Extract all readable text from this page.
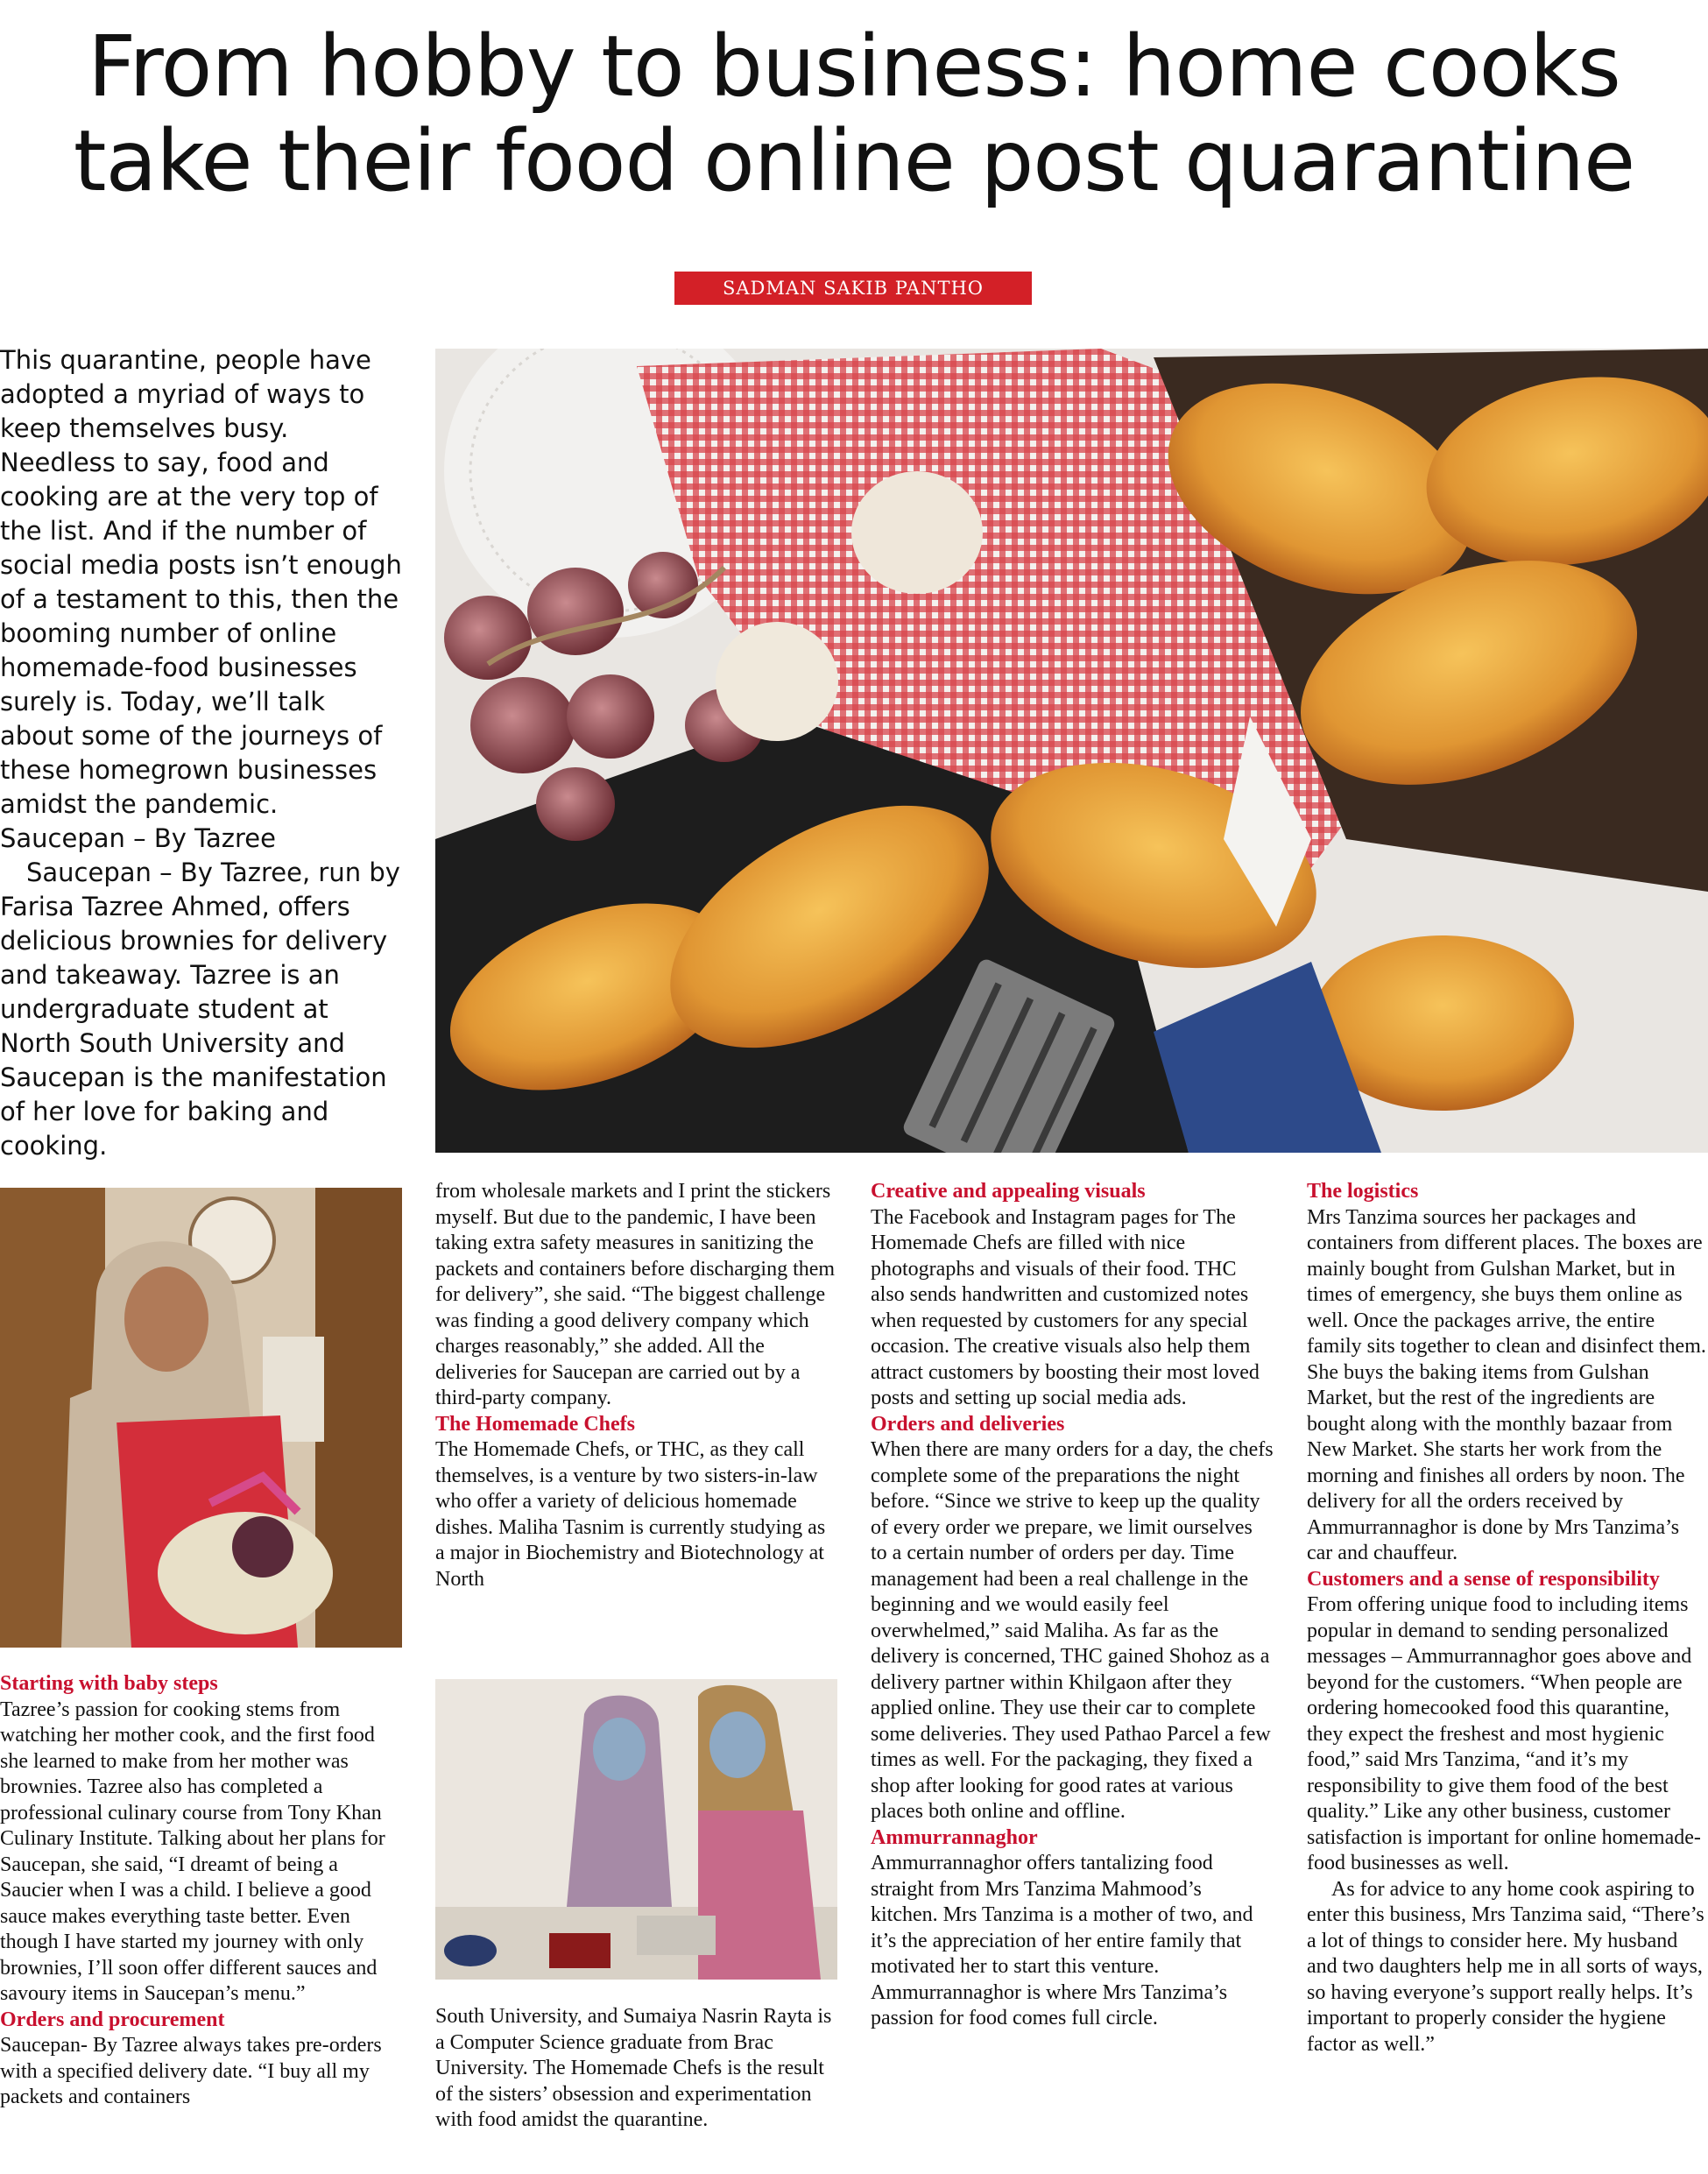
From hobby to business: home cooks
take their food online post quarantine
SADMAN SAKIB PANTHO

This quarantine, people have adopted a myriad of ways to keep themselves busy. Needless to say, food and cooking are at the very top of the list. And if the number of social media posts isn’t enough of a testament to this, then the booming number of online homemade-food businesses surely is. Today, we’ll talk about some of the journeys of these homegrown businesses amidst the pandemic. Saucepan – By Tazree

Saucepan – By Tazree, run by Farisa Tazree Ahmed, offers delicious brownies for delivery and takeaway. Tazree is an undergraduate student at North South University and Saucepan is the manifestation of her love for baking and cooking.

Starting with baby steps

Tazree’s passion for cooking stems from watching her mother cook, and the first food she learned to make from her mother was brownies. Tazree also has completed a professional culinary course from Tony Khan Culinary Institute. Talking about her plans for Saucepan, she said, “I dreamt of being a Saucier when I was a child. I believe a good sauce makes everything taste better. Even though I have started my journey with only brownies, I’ll soon offer different sauces and savoury items in Saucepan’s menu.”

Orders and procurement

Saucepan- By Tazree always takes pre-orders with a specified delivery date. “I buy all my packets and containers

from wholesale markets and I print the stickers myself. But due to the pandemic, I have been taking extra safety measures in sanitizing the packets and containers before discharging them for delivery”, she said. “The biggest challenge was finding a good delivery company which charges reasonably,” she added. All the deliveries for Saucepan are carried out by a third-party company.

The Homemade Chefs

The Homemade Chefs, or THC, as they call themselves, is a venture by two sisters-in-law who offer a variety of delicious homemade dishes. Maliha Tasnim is currently studying as a major in Biochemistry and Biotechnology at North

South University, and Sumaiya Nasrin Rayta is a Computer Science graduate from Brac University. The Homemade Chefs is the result of the sisters’ obsession and experimentation with food amidst the quarantine.

Creative and appealing visuals

The Facebook and Instagram pages for The Homemade Chefs are filled with nice photographs and visuals of their food. THC also sends handwritten and customized notes when requested by customers for any special occasion. The creative visuals also help them attract customers by boosting their most loved posts and setting up social media ads.

Orders and deliveries

When there are many orders for a day, the chefs complete some of the preparations the night before. “Since we strive to keep up the quality of every order we prepare, we limit ourselves to a certain number of orders per day. Time management had been a real challenge in the beginning and we would easily feel overwhelmed,” said Maliha. As far as the delivery is concerned, THC gained Shohoz as a delivery partner within Khilgaon after they applied online. They use their car to complete some deliveries. They used Pathao Parcel a few times as well. For the packaging, they fixed a shop after looking for good rates at various places both online and offline.

Ammurrannaghor

Ammurrannaghor offers tantalizing food straight from Mrs Tanzima Mahmood’s kitchen. Mrs Tanzima is a mother of two, and it’s the appreciation of her entire family that motivated her to start this venture. Ammurrannaghor is where Mrs Tanzima’s passion for food comes full circle.

The logistics

Mrs Tanzima sources her packages and containers from different places. The boxes are mainly bought from Gulshan Market, but in times of emergency, she buys them online as well. Once the packages arrive, the entire family sits together to clean and disinfect them. She buys the baking items from Gulshan Market, but the rest of the ingredients are bought along with the monthly bazaar from New Market. She starts her work from the morning and finishes all orders by noon. The delivery for all the orders received by Ammurrannaghor is done by Mrs Tanzima’s car and chauffeur.

Customers and a sense of responsibility

From offering unique food to including items popular in demand to sending personalized messages – Ammurrannaghor goes above and beyond for the customers. “When people are ordering homecooked food this quarantine, they expect the freshest and most hygienic food,” said Mrs Tanzima, “and it’s my responsibility to give them food of the best quality.” Like any other business, customer satisfaction is important for online homemade-food businesses as well.

As for advice to any home cook aspiring to enter this business, Mrs Tanzima said, “There’s a lot of things to consider here. My husband and two daughters help me in all sorts of ways, so having everyone’s support really helps. It’s important to properly consider the hygiene factor as well.”
